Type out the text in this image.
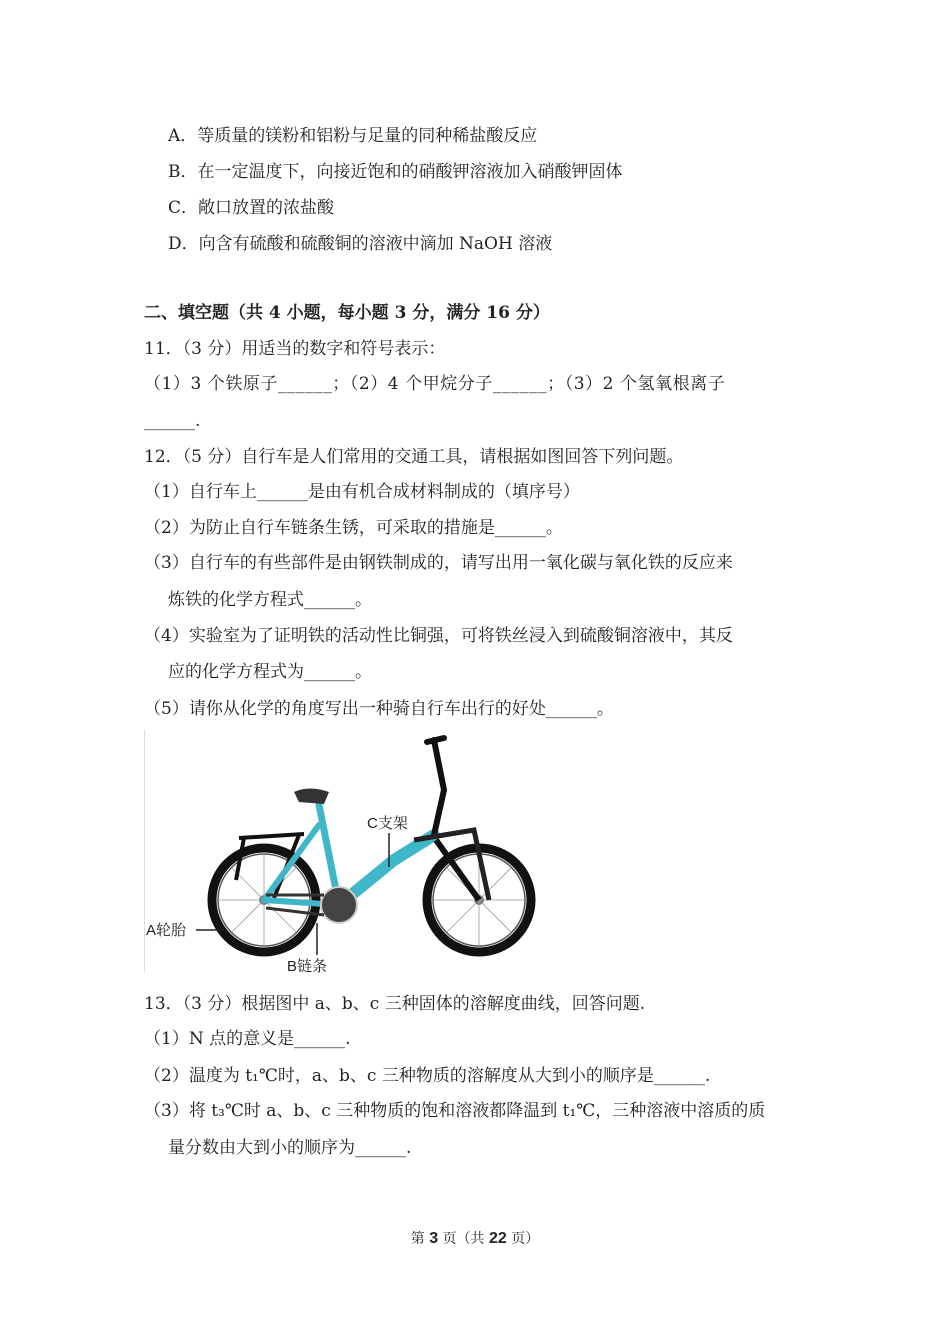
A．等质量的镁粉和铝粉与足量的同种稀盐酸反应
B．在一定温度下，向接近饱和的硝酸钾溶液加入硝酸钾固体
C．敞口放置的浓盐酸
D．向含有硫酸和硫酸铜的溶液中滴加 NaOH 溶液
二、填空题（共 4 小题，每小题 3 分，满分 16 分）
11．（3 分）用适当的数字和符号表示：
（1）3 个铁原子______；（2）4 个甲烷分子______；（3）2 个氢氧根离子
______.
12．（5 分）自行车是人们常用的交通工具，请根据如图回答下列问题。
（1）自行车上______是由有机合成材料制成的（填序号）
（2）为防止自行车链条生锈，可采取的措施是______。
（3）自行车的有些部件是由钢铁制成的，请写出用一氧化碳与氧化铁的反应来
炼铁的化学方程式______。
（4）实验室为了证明铁的活动性比铜强，可将铁丝浸入到硫酸铜溶液中，其反
应的化学方程式为______。
（5）请你从化学的角度写出一种骑自行车出行的好处______。
C支架
A轮胎
B链条
13．（3 分）根据图中 a、b、c 三种固体的溶解度曲线，回答问题.
（1）N 点的意义是______.
（2）温度为 t₁℃时，a、b、c 三种物质的溶解度从大到小的顺序是______.
（3）将 t₃℃时 a、b、c 三种物质的饱和溶液都降温到 t₁℃，三种溶液中溶质的质
量分数由大到小的顺序为______.
第 3 页（共 22 页）
